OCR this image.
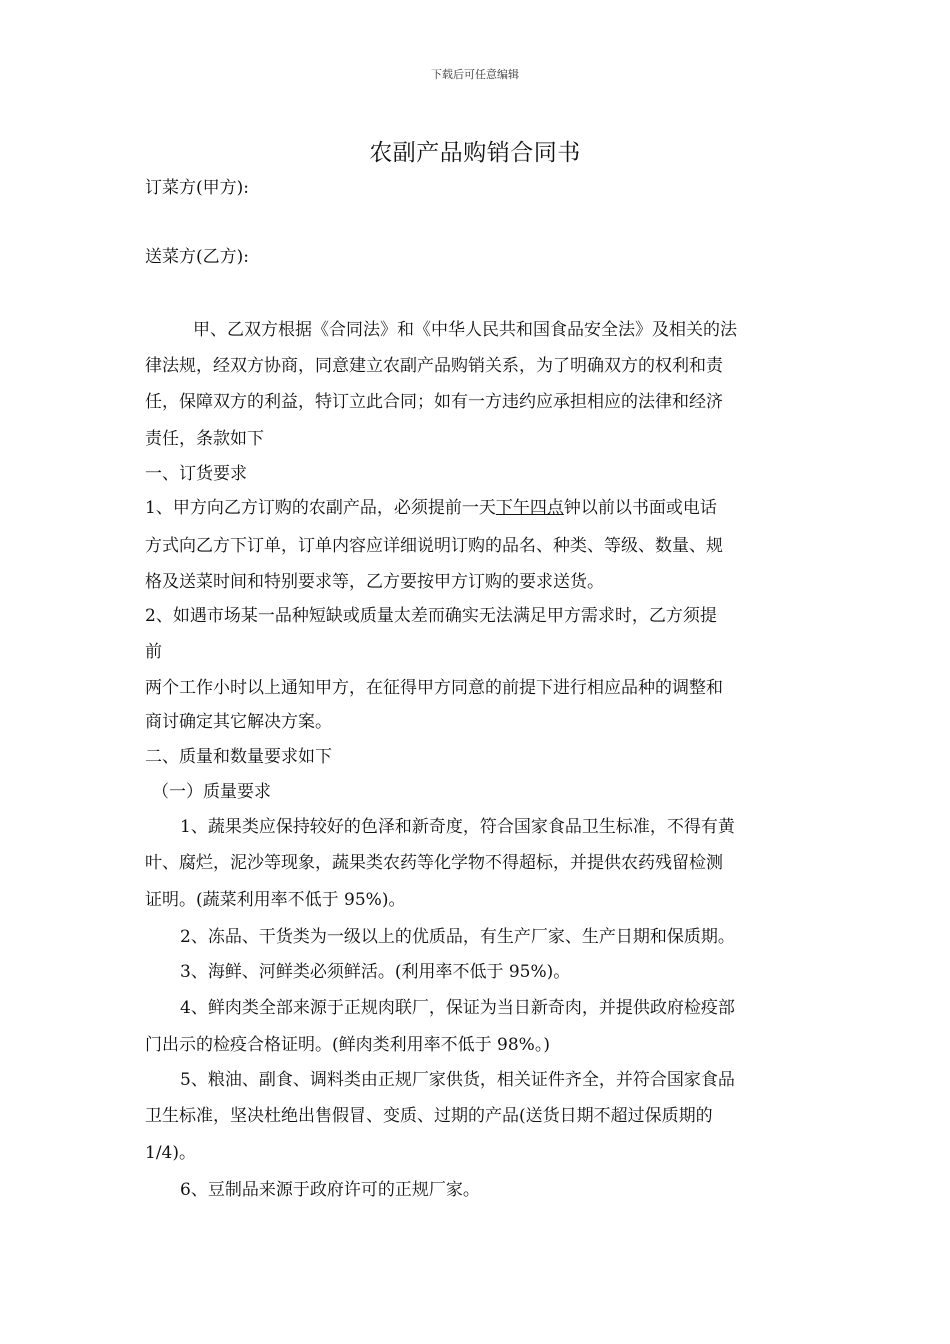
下载后可任意编辑
农副产品购销合同书
订菜方(甲方):
送菜方(乙方):
甲、乙双方根据《合同法》和《中华人民共和国食品安全法》及相关的法
律法规，经双方协商，同意建立农副产品购销关系，为了明确双方的权利和责
任，保障双方的利益，特订立此合同；如有一方违约应承担相应的法律和经济
责任，条款如下
一、订货要求
1、甲方向乙方订购的农副产品，必须提前一天下午四点钟以前以书面或电话
方式向乙方下订单，订单内容应详细说明订购的品名、种类、等级、数量、规
格及送菜时间和特别要求等，乙方要按甲方订购的要求送货。
2、如遇市场某一品种短缺或质量太差而确实无法满足甲方需求时，乙方须提
前
两个工作小时以上通知甲方，在征得甲方同意的前提下进行相应品种的调整和
商讨确定其它解决方案。
二、质量和数量要求如下
（一）质量要求
1、蔬果类应保持较好的色泽和新奇度，符合国家食品卫生标准，不得有黄
叶、腐烂，泥沙等现象，蔬果类农药等化学物不得超标，并提供农药残留检测
证明。(蔬菜利用率不低于 95%)。
2、冻品、干货类为一级以上的优质品，有生产厂家、生产日期和保质期。
3、海鲜、河鲜类必须鲜活。(利用率不低于 95%)。
4、鲜肉类全部来源于正规肉联厂，保证为当日新奇肉，并提供政府检疫部
门出示的检疫合格证明。(鲜肉类利用率不低于 98%。)
5、粮油、副食、调料类由正规厂家供货，相关证件齐全，并符合国家食品
卫生标准，坚决杜绝出售假冒、变质、过期的产品(送货日期不超过保质期的
1/4)。
6、豆制品来源于政府许可的正规厂家。
